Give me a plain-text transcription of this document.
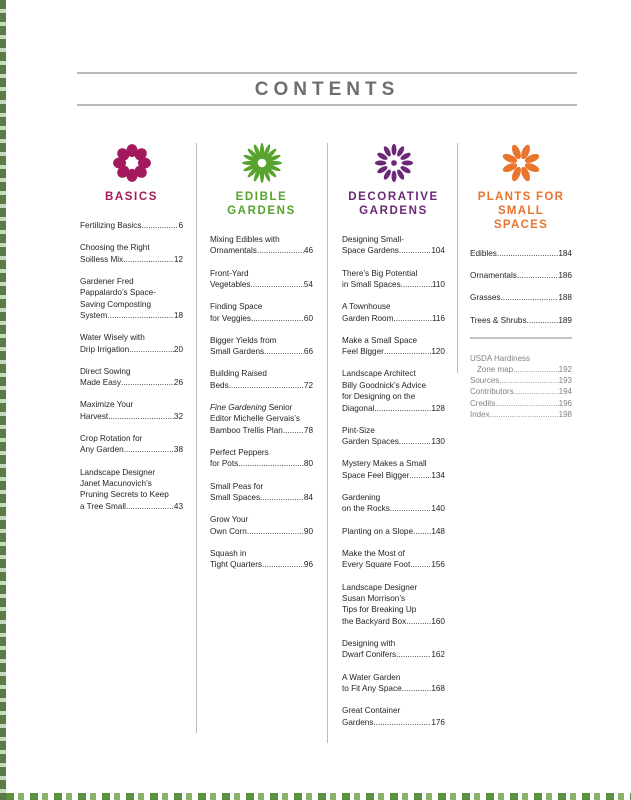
CONTENTS
BASICS
Fertilizing Basics .....	6
Choosing the Right
Soilless Mix .....	12
Gardener Fred
Pappalardo’s Space-
Saving Composting
System .....	18
Water Wisely with
Drip Irrigation .....	20
Direct Sowing
Made Easy .....	26
Maximize Your
Harvest .....	32
Crop Rotation for
Any Garden .....	38
Landscape Designer
Janet Macunovich’s
Pruning Secrets to Keep
a Tree Small .....	43
EDIBLE
GARDENS
Mixing Edibles with
Ornamentals .....	46
Front-Yard
Vegetables .....	54
Finding Space
for Veggies .....	60
Bigger Yields from
Small Gardens .....	66
Building Raised
Beds .....	72
Fine Gardening Senior
Editor Michelle Gervais’s
Bamboo Trellis Plan .....	78
Perfect Peppers
for Pots .....	80
Small Peas for
Small Spaces .....	84
Grow Your
Own Corn .....	90
Squash in
Tight Quarters .....	96
DECORATIVE
GARDENS
Designing Small-
Space Gardens .....	104
There’s Big Potential
in Small Spaces .....	110
A Townhouse
Garden Room .....	116
Make a Small Space
Feel Bigger .....	120
Landscape Architect
Billy Goodnick’s Advice
for Designing on the
Diagonal .....	128
Pint-Size
Garden Spaces .....	130
Mystery Makes a Small
Space Feel Bigger .....	134
Gardening
on the Rocks .....	140
Planting on a Slope ..... 148
Make the Most of
Every Square Foot .....	156
Landscape Designer
Susan Morrison’s
Tips for Breaking Up
the Backyard Box .....	160
Designing with
Dwarf Conifers .....	162
A Water Garden
to Fit Any Space .....	168
Great Container
Gardens .....	176
PLANTS FOR
SMALL SPACES
Edibles .....	184
Ornamentals .....	186
Grasses .....	188
Trees & Shrubs .....	189
USDA Hardiness
Zone map .....	192
Sources .....	193
Contributors .....	194
Credits .....	196
Index .....	198
